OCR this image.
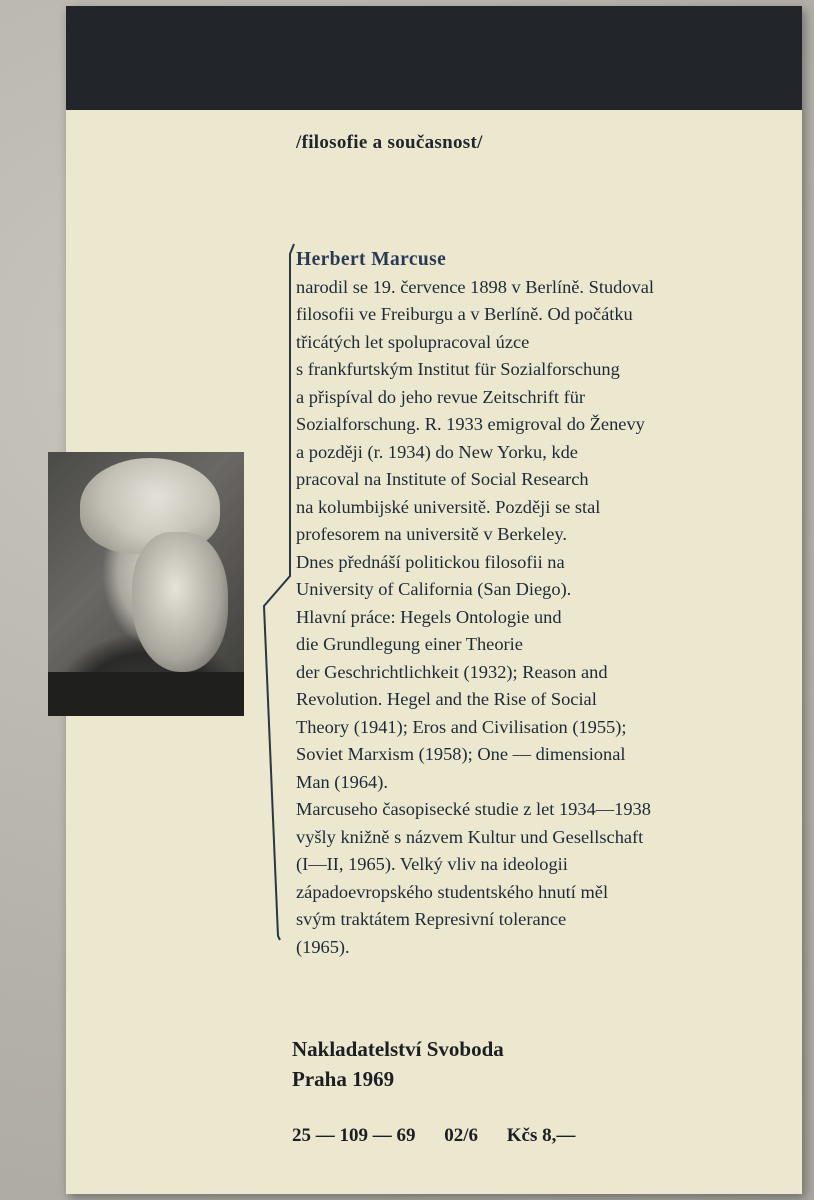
/filosofie a současnost/
Herbert Marcuse
narodil se 19. července 1898 v Berlíně. Studoval
filosofii ve Freiburgu a v Berlíně. Od počátku
třicátých let spolupracoval úzce
s frankfurtským Institut für Sozialforschung
a přispíval do jeho revue Zeitschrift für
Sozialforschung. R. 1933 emigroval do Ženevy
a později (r. 1934) do New Yorku, kde
pracoval na Institute of Social Research
na kolumbijské universitě. Později se stal
profesorem na universitě v Berkeley.
Dnes přednáší politickou filosofii na
University of California (San Diego).
Hlavní práce: Hegels Ontologie und
die Grundlegung einer Theorie
der Geschrichtlichkeit (1932); Reason and
Revolution. Hegel and the Rise of Social
Theory (1941); Eros and Civilisation (1955);
Soviet Marxism (1958); One — dimensional
Man (1964).
Marcuseho časopisecké studie z let 1934—1938
vyšly knižně s názvem Kultur und Gesellschaft
(I—II, 1965). Velký vliv na ideologii
západoevropského studentského hnutí měl
svým traktátem Represivní tolerance
(1965).
Nakladatelství Svoboda
Praha 1969
25 — 109 — 69 02/6 Kčs 8,—
